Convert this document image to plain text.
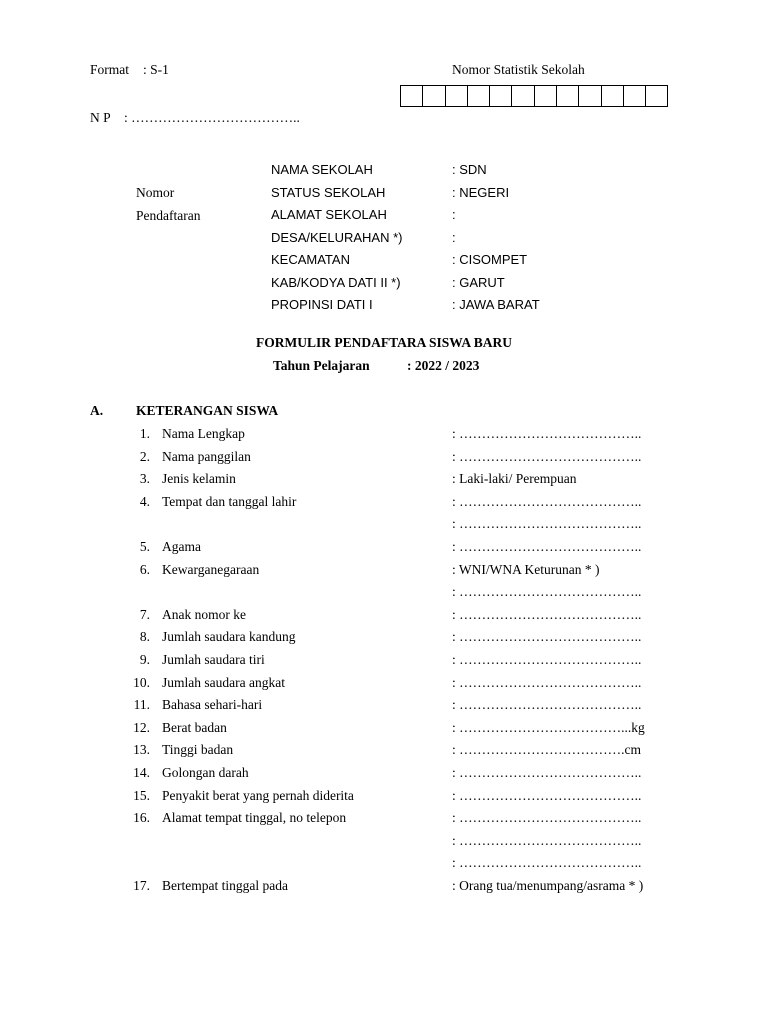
Format : S-1	Nomor Statistik Sekolah
N P : ………………………………..
Nomor
Pendaftaran
NAMA SEKOLAH	: SDN
STATUS SEKOLAH	: NEGERI
ALAMAT SEKOLAH	:
DESA/KELURAHAN *)	:
KECAMATAN	: CISOMPET
KAB/KODYA DATI II *)	: GARUT
PROPINSI DATI I	: JAWA BARAT
FORMULIR PENDAFTARA SISWA BARU
Tahun Pelajaran	: 2022 / 2023
A. KETERANGAN SISWA
1. Nama Lengkap	: …………………………………..
2. Nama panggilan	: …………………………………..
3. Jenis kelamin	: Laki-laki/ Perempuan
4. Tempat dan tanggal lahir	: …………………………………..
: …………………………………..
5. Agama	: …………………………………..
6. Kewarganegaraan	: WNI/WNA Keturunan * )
: …………………………………..
7. Anak nomor ke	: …………………………………..
8. Jumlah saudara kandung	: …………………………………..
9. Jumlah saudara tiri	: …………………………………..
10. Jumlah saudara angkat	: …………………………………..
11. Bahasa sehari-hari	: …………………………………..
12. Berat badan	: ………………………………...kg
13. Tinggi badan	: ……………………………….cm
14. Golongan darah	: …………………………………..
15. Penyakit berat yang pernah diderita	: …………………………………..
16. Alamat tempat tinggal, no telepon	: …………………………………..
: …………………………………..
: …………………………………..
17. Bertempat tinggal pada	: Orang tua/menumpang/asrama * )
